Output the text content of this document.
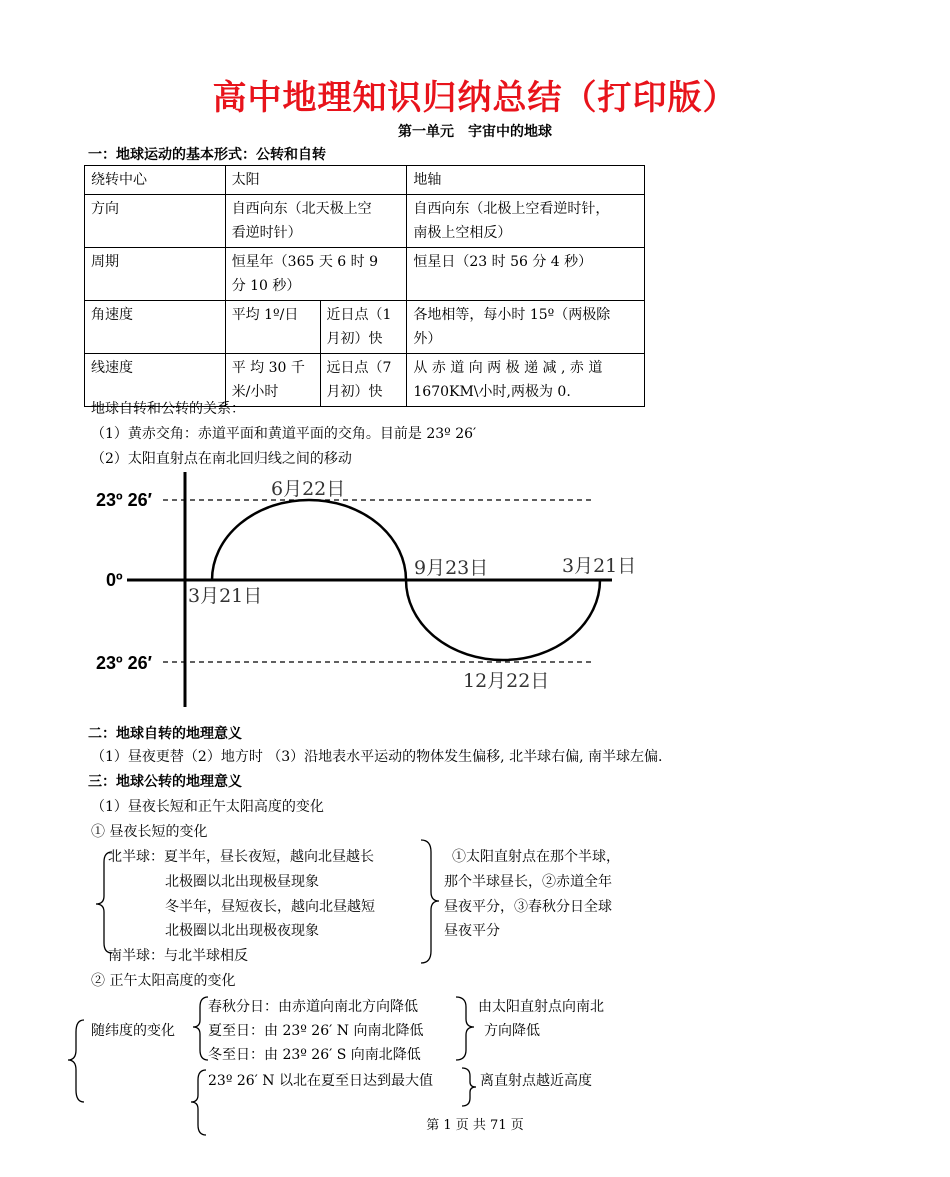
高中地理知识归纳总结（打印版）
第一单元　宇宙中的地球
一：地球运动的基本形式：公转和自转
绕转中心	太阳		地轴
方向	自西向东（北天极上空
看逆时针）		自西向东（北极上空看逆时针，
南极上空相反）
周期	恒星年（365 天 6 时 9
分 10 秒）		恒星日（23 时 56 分 4 秒）
角速度	平均 1º/日	近日点（1
月初）快	各地相等，每小时 15º（两极除
外）
线速度	平 均 30 千
米/小时	远日点（7
月初）快	从 赤 道 向 两 极 递 减 , 赤 道
1670KM\小时,两极为 0.
地球自转和公转的关系：
（1）黄赤交角：赤道平面和黄道平面的交角。目前是 23º 26′
（2）太阳直射点在南北回归线之间的移动
23º 26′
0º
23º 26′
6月22日
3月21日
9月23日	3月21日
12月22日
二：地球自转的地理意义
（1）昼夜更替（2）地方时 （3）沿地表水平运动的物体发生偏移, 北半球右偏, 南半球左偏.
三：地球公转的地理意义
（1）昼夜长短和正午太阳高度的变化
① 昼夜长短的变化
北半球：夏半年，昼长夜短，越向北昼越长
北极圈以北出现极昼现象
冬半年，昼短夜长，越向北昼越短
北极圈以北出现极夜现象
南半球：与北半球相反
①太阳直射点在那个半球，
那个半球昼长，②赤道全年
昼夜平分，③春秋分日全球
昼夜平分
② 正午太阳高度的变化
随纬度的变化
春秋分日：由赤道向南北方向降低
夏至日：由 23º 26′ N 向南北降低
冬至日：由 23º 26′ S 向南北降低
由太阳直射点向南北
方向降低
23º 26′ N 以北在夏至日达到最大值	离直射点越近高度
第 1 页 共 71 页
